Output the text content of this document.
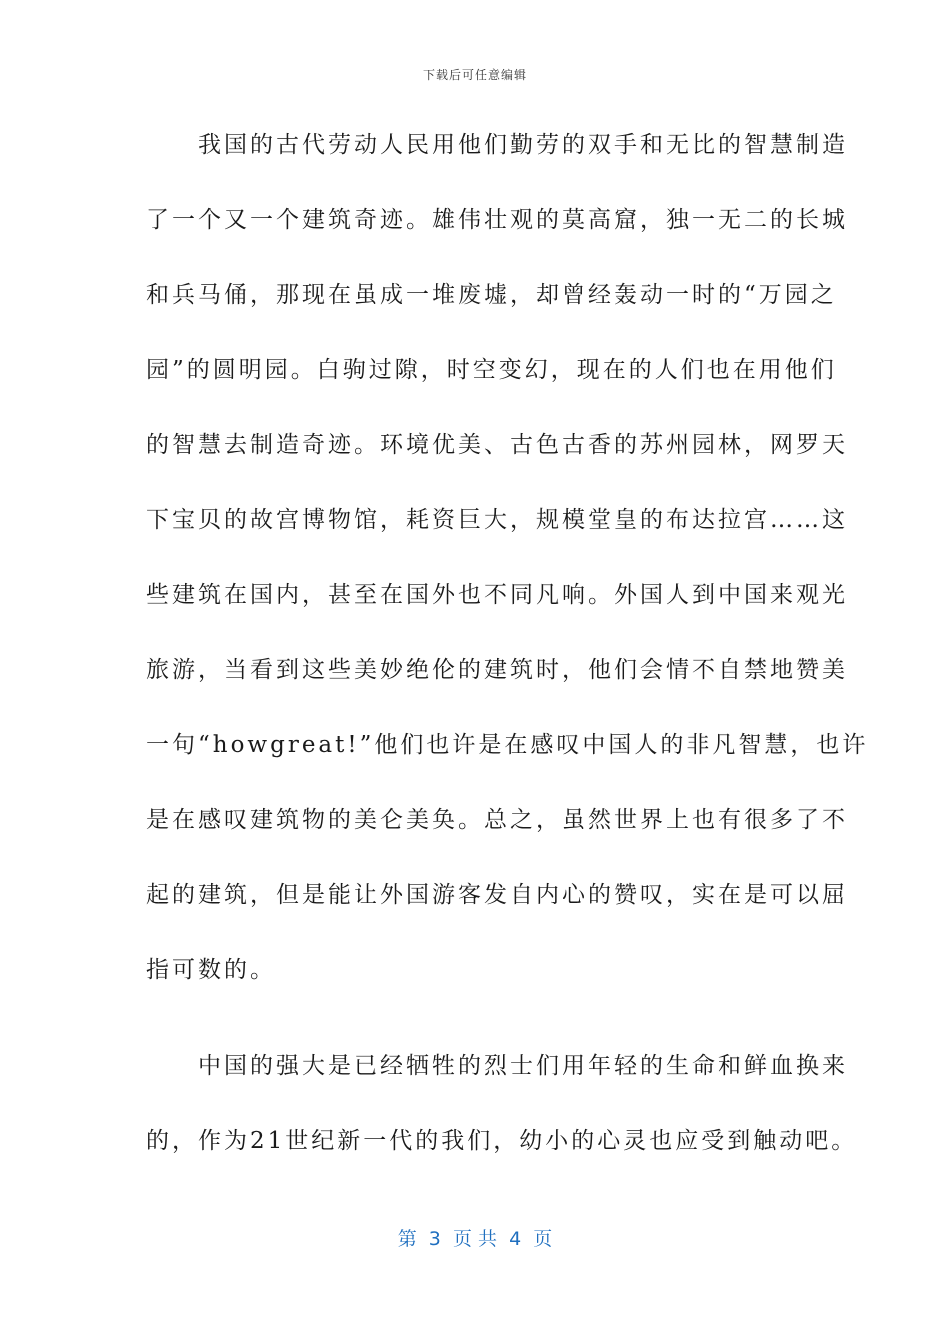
下载后可任意编辑
　　我国的古代劳动人民用他们勤劳的双手和无比的智慧制造
了一个又一个建筑奇迹。雄伟壮观的莫高窟，独一无二的长城
和兵马俑，那现在虽成一堆废墟，却曾经轰动一时的“万园之
园”的圆明园。白驹过隙，时空变幻，现在的人们也在用他们
的智慧去制造奇迹。环境优美、古色古香的苏州园林，网罗天
下宝贝的故宫博物馆，耗资巨大，规模堂皇的布达拉宫……这
些建筑在国内，甚至在国外也不同凡响。外国人到中国来观光
旅游，当看到这些美妙绝伦的建筑时，他们会情不自禁地赞美
一句“howgreat!”他们也许是在感叹中国人的非凡智慧，也许
是在感叹建筑物的美仑美奂。总之，虽然世界上也有很多了不
起的建筑，但是能让外国游客发自内心的赞叹，实在是可以屈
指可数的。
　　中国的强大是已经牺牲的烈士们用年轻的生命和鲜血换来
的，作为21世纪新一代的我们，幼小的心灵也应受到触动吧。
第  3  页 共  4  页
